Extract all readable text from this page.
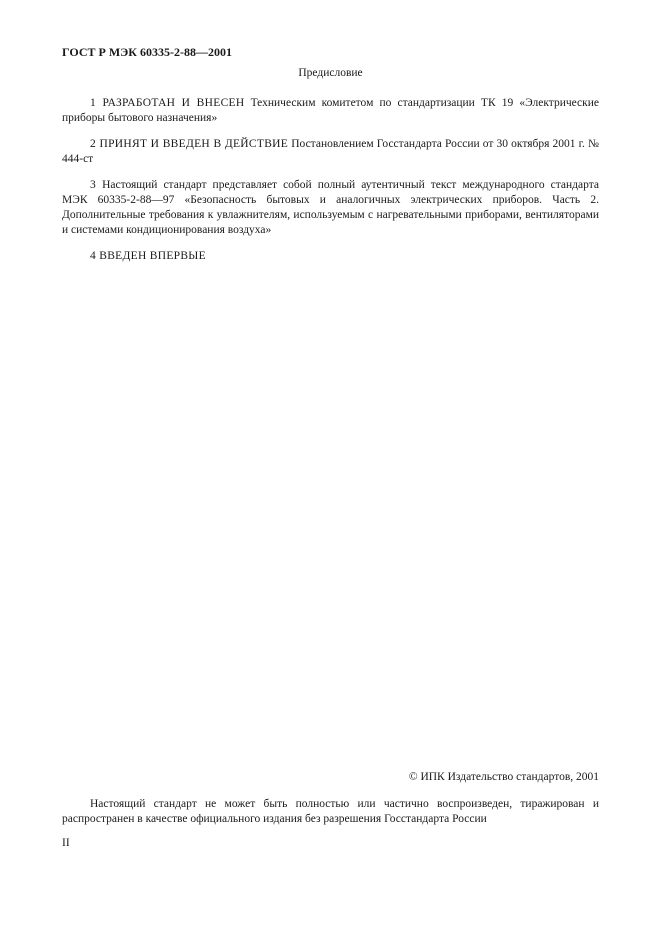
ГОСТ Р МЭК 60335-2-88—2001
Предисловие

1 РАЗРАБОТАН И ВНЕСЕН Техническим комитетом по стандартизации ТК 19 «Электрические приборы бытового назначения»

2 ПРИНЯТ И ВВЕДЕН В ДЕЙСТВИЕ Постановлением Госстандарта России от 30 октября 2001 г. № 444-ст

3 Настоящий стандарт представляет собой полный аутентичный текст международного стандарта МЭК 60335-2-88—97 «Безопасность бытовых и аналогичных электрических приборов. Часть 2. Дополнительные требования к увлажнителям, используемым с нагревательными приборами, вентиляторами и системами кондиционирования воздуха»

4 ВВЕДЕН ВПЕРВЫЕ

© ИПК Издательство стандартов, 2001
Настоящий стандарт не может быть полностью или частично воспроизведен, тиражирован и распространен в качестве официального издания без разрешения Госстандарта России
II
